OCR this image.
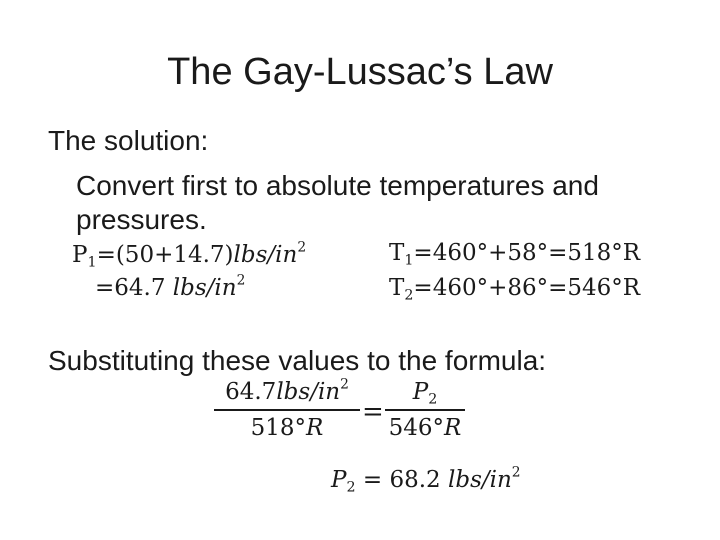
The Gay-Lussac’s Law
The solution:
Convert first to absolute temperatures and
pressures.
$P_1=(50+14.7)lbs/in^2$
=64.7 lbs/$in^2$
$T_1=460^\circ+58^\circ=518^\circ R$
$T_2=460^\circ+86^\circ=546^\circ R$
Substituting these values to the formula:
$64.7lbs/in^2$
518°R
=
$P_2$
546°R
$P_2 = 68.2$ lbs/$in^2$
